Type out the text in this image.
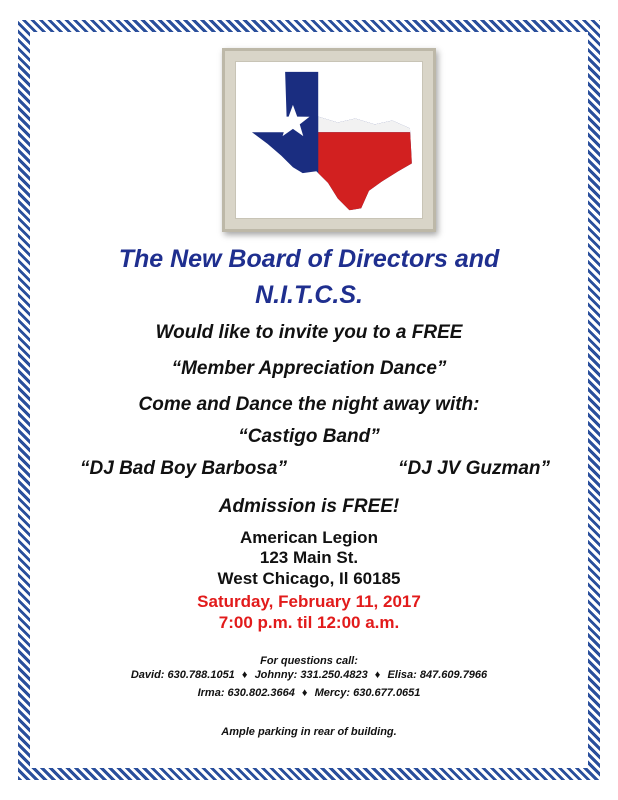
The New Board of Directors and
N.I.T.C.S.
Would like to invite you to a FREE
“Member Appreciation Dance”
Come and Dance the night away with:
“Castigo Band”
“DJ Bad Boy Barbosa”	“DJ JV Guzman”
Admission is FREE!
American Legion
123 Main St.
West Chicago, Il 60185
Saturday, February 11, 2017
7:00 p.m. til 12:00 a.m.
For questions call:
David: 630.788.1051 ♦ Johnny: 331.250.4823 ♦ Elisa: 847.609.7966
Irma: 630.802.3664 ♦ Mercy: 630.677.0651
Ample parking in rear of building.
